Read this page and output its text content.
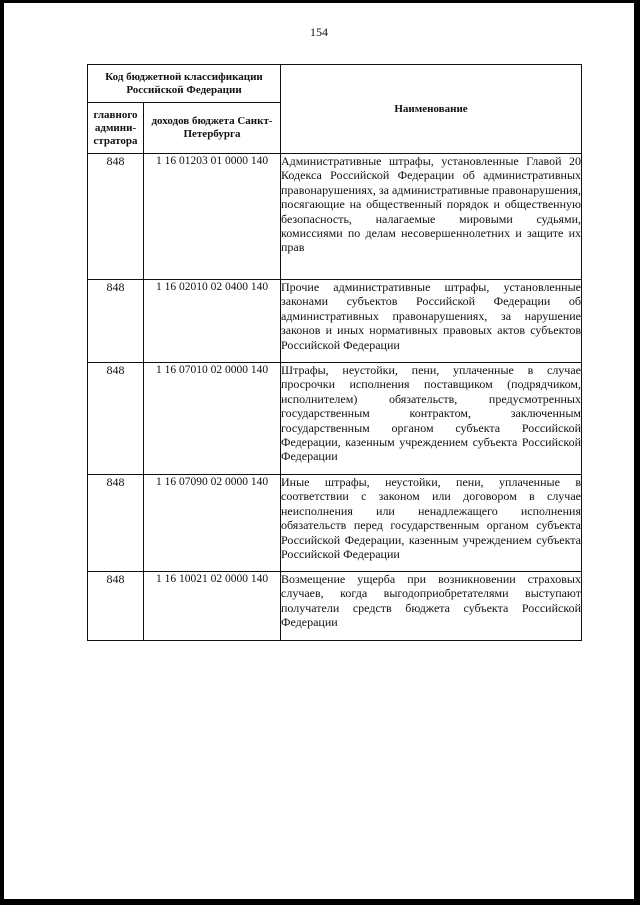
154
Код бюджетной классификации Российской Федерации		Наименование
главного админи-стратора	доходов бюджета Санкт-Петербурга	
848	1 16 01203 01 0000 140	Административные штрафы, установленные Главой 20 Кодекса Российской Федерации об административных правонарушениях, за административные правонарушения, посягающие на общественный порядок и общественную безопасность, налагаемые мировыми судьями, комиссиями по делам несовершеннолетних и защите их прав
848	1 16 02010 02 0400 140	Прочие административные штрафы, установленные законами субъектов Российской Федерации об административных правонарушениях, за нарушение законов и иных нормативных правовых актов субъектов Российской Федерации
848	1 16 07010 02 0000 140	Штрафы, неустойки, пени, уплаченные в случае просрочки исполнения поставщиком (подрядчиком, исполнителем) обязательств, предусмотренных государственным контрактом, заключенным государственным органом субъекта Российской Федерации, казенным учреждением субъекта Российской Федерации
848	1 16 07090 02 0000 140	Иные штрафы, неустойки, пени, уплаченные в соответствии с законом или договором в случае неисполнения или ненадлежащего исполнения обязательств перед государственным органом субъекта Российской Федерации, казенным учреждением субъекта Российской Федерации
848	1 16 10021 02 0000 140	Возмещение ущерба при возникновении страховых случаев, когда выгодоприобретателями выступают получатели средств бюджета субъекта Российской Федерации
